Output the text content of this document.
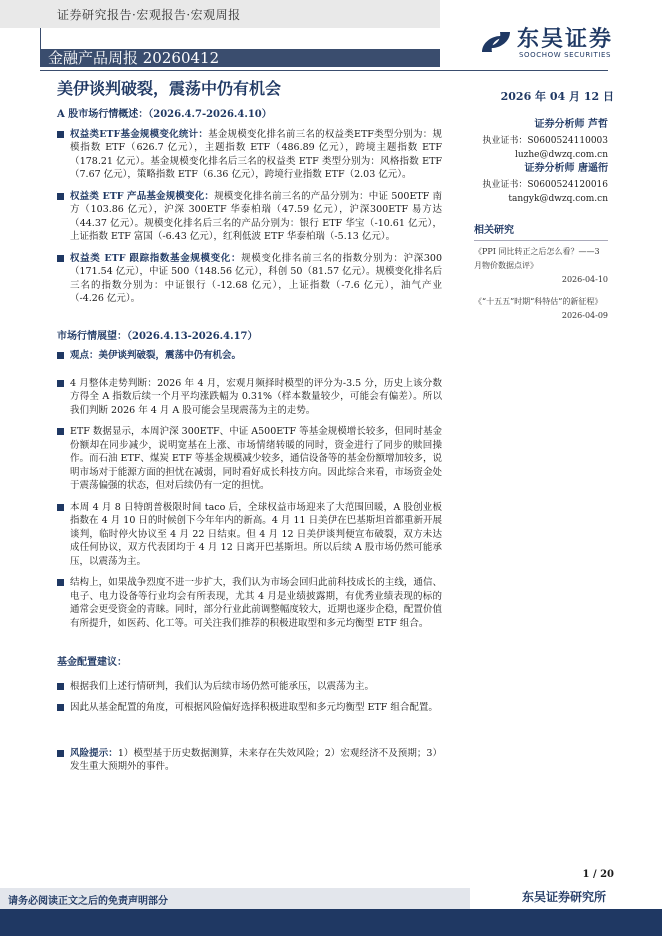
证券研究报告·宏观报告·宏观周报
金融产品周报 20260412
东吴证券
SOOCHOW SECURITIES
美伊谈判破裂，震荡中仍有机会	2026 年 04 月 12 日
A 股市场行情概述：（2026.4.7-2026.4.10）
权益类ETF基金规模变化统计：基金规模变化排名前三名的权益类ETF类型分别为：规模指数 ETF（626.7 亿元），主题指数 ETF（486.89 亿元），跨境主题指数 ETF（178.21 亿元）。基金规模变化排名后三名的权益类 ETF 类型分别为：风格指数 ETF（7.67 亿元），策略指数 ETF（6.36 亿元），跨境行业指数 ETF（2.03 亿元）。
权益类 ETF 产品基金规模变化：规模变化排名前三名的产品分别为：中证 500ETF 南方（103.86 亿元），沪深 300ETF 华泰柏瑞（47.59 亿元），沪深300ETF 易方达（44.37 亿元）。规模变化排名后三名的产品分别为：银行 ETF 华宝（-10.61 亿元），上证指数 ETF 富国（-6.43 亿元），红利低波 ETF 华泰柏瑞（-5.13 亿元）。
权益类 ETF 跟踪指数基金规模变化：规模变化排名前三名的指数分别为：沪深300（171.54 亿元），中证 500（148.56 亿元），科创 50（81.57 亿元）。规模变化排名后三名的指数分别为：中证银行（-12.68 亿元），上证指数（-7.6 亿元），油气产业（-4.26 亿元）。
市场行情展望：（2026.4.13-2026.4.17）
观点：美伊谈判破裂，震荡中仍有机会。
4 月整体走势判断：2026 年 4 月，宏观月频择时模型的评分为-3.5 分，历史上该分数方得全 A 指数后续一个月平均涨跌幅为 0.31%（样本数量较少，可能会有偏差）。所以我们判断 2026 年 4 月 A 股可能会呈现震荡为主的走势。
ETF 数据显示，本周沪深 300ETF、中证 A500ETF 等基金规模增长较多，但同时基金份额却在同步减少，说明宽基在上涨、市场情绪转暖的同时，资金进行了同步的赎回操作。而石油 ETF、煤炭 ETF 等基金规模减少较多，通信设备等的基金份额增加较多，说明市场对于能源方面的担忧在减弱，同时看好成长科技方向。因此综合来看，市场资金处于震荡偏强的状态，但对后续仍有一定的担忧。
本周 4 月 8 日特朗普极限时间 taco 后，全球权益市场迎来了大范围回暖，A 股创业板指数在 4 月 10 日的时候创下今年年内的新高。4 月 11 日美伊在巴基斯坦首都重新开展谈判，临时停火协议至 4 月 22 日结束。但 4 月 12 日美伊谈判便宣布破裂，双方未达成任何协议，双方代表团均于 4 月 12 日离开巴基斯坦。所以后续 A 股市场仍然可能承压，以震荡为主。
结构上，如果战争烈度不进一步扩大，我们认为市场会回归此前科技成长的主线，通信、电子、电力设备等行业均会有所表现，尤其 4 月是业绩披露期，有优秀业绩表现的标的通常会更受资金的青睐。同时，部分行业此前调整幅度较大，近期也逐步企稳，配置价值有所提升，如医药、化工等。可关注我们推荐的积极进取型和多元均衡型 ETF 组合。
基金配置建议：
根据我们上述行情研判，我们认为后续市场仍然可能承压，以震荡为主。
因此从基金配置的角度，可根据风险偏好选择积极进取型和多元均衡型 ETF 组合配置。
风险提示：1）模型基于历史数据测算，未来存在失效风险；2）宏观经济不及预期；3）发生重大预期外的事件。
证券分析师 芦哲
执业证书：S0600524110003
luzhe@dwzq.com.cn
证券分析师 唐遥衎
执业证书：S0600524120016
tangyk@dwzq.com.cn
相关研究
《PPI 同比转正之后怎么看？——3 月物价数据点评》
2026-04-10
《“十五五”时期“科特估”的新征程》
2026-04-09
1 / 20
请务必阅读正文之后的免责声明部分	东吴证券研究所
